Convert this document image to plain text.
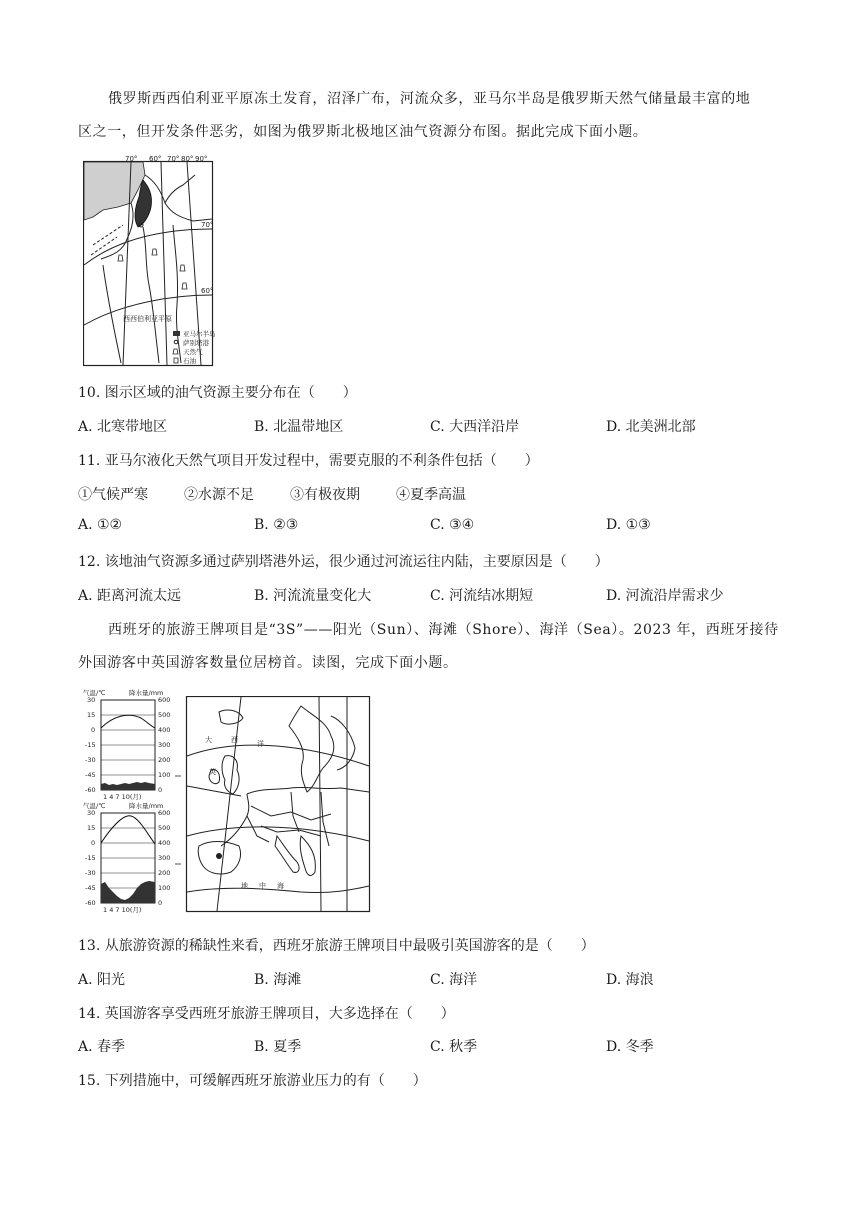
俄罗斯西西伯利亚平原冻土发育，沼泽广布，河流众多，亚马尔半岛是俄罗斯天然气储量最丰富的地
区之一，但开发条件恶劣，如图为俄罗斯北极地区油气资源分布图。据此完成下面小题。
70° 60° 70° 80° 90°
70°
60°
西西伯利亚平原
亚马尔半岛
萨别塔港
天然气
石油
10. 图示区域的油气资源主要分布在（　　）
A. 北寒带地区	B. 北温带地区	C. 大西洋沿岸	D. 北美洲北部
11. 亚马尔液化天然气项目开发过程中，需要克服的不利条件包括（　　）
①气候严寒	②水源不足	③有极夜期	④夏季高温
A. ①②	B. ②③	C. ③④	D. ①③
12. 该地油气资源多通过萨别塔港外运，很少通过河流运往内陆，主要原因是（　　）
A. 距离河流太远	B. 河流流量变化大	C. 河流结冰期短	D. 河流沿岸需求少
西班牙的旅游王牌项目是“3S”——阳光（Sun）、海滩（Shore）、海洋（Sea）。2023 年，西班牙接待
外国游客中英国游客数量位居榜首。读图，完成下面小题。
气温/℃	降水量/mm
30
15
0
-15
-30
-45
-60
600
500
400
300
200
100
0
1 4 7 10(月)
气温/℃	降水量/mm
30
15
0
-15
-30
-45
-60
600
500
400
300
200
100
0
1 4 7 10(月)
大	西	洋
英
地 中 海
13. 从旅游资源的稀缺性来看，西班牙旅游王牌项目中最吸引英国游客的是（　　）
A. 阳光	B. 海滩	C. 海洋	D. 海浪
14. 英国游客享受西班牙旅游王牌项目，大多选择在（　　）
A. 春季	B. 夏季	C. 秋季	D. 冬季
15. 下列措施中，可缓解西班牙旅游业压力的有（　　）
